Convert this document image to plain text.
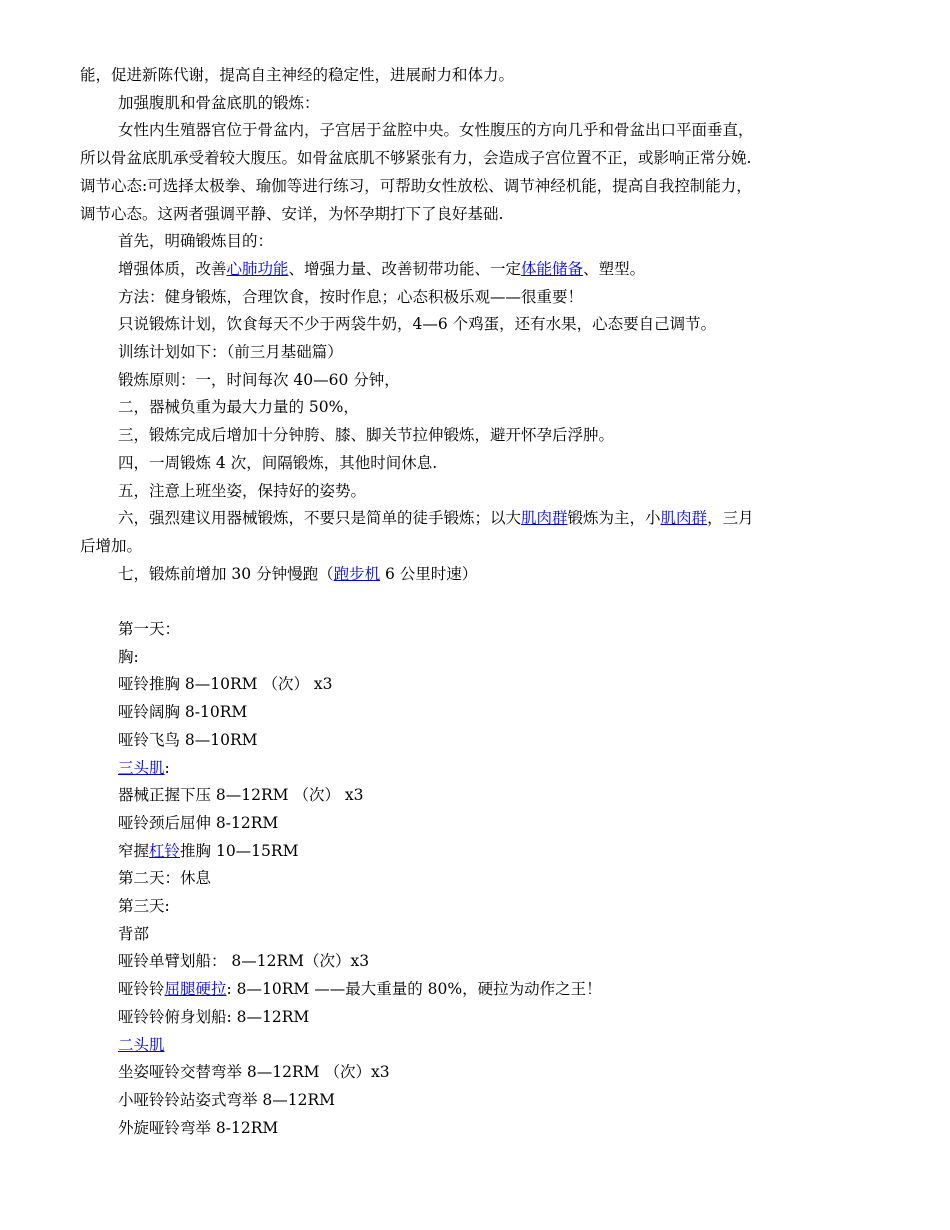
能，促进新陈代谢，提高自主神经的稳定性，进展耐力和体力。

加强腹肌和骨盆底肌的锻炼：

女性内生殖器官位于骨盆内，子宫居于盆腔中央。女性腹压的方向几乎和骨盆出口平面垂直，

所以骨盆底肌承受着较大腹压。如骨盆底肌不够紧张有力，会造成子宫位置不正，或影响正常分娩.

调节心态:可选择太极拳、瑜伽等进行练习，可帮助女性放松、调节神经机能，提高自我控制能力，

调节心态。这两者强调平静、安详，为怀孕期打下了良好基础.

首先，明确锻炼目的：

增强体质，改善心肺功能、增强力量、改善韧带功能、一定体能储备、塑型。

方法：健身锻炼，合理饮食，按时作息；心态积极乐观——很重要！

只说锻炼计划，饮食每天不少于两袋牛奶，4—6 个鸡蛋，还有水果，心态要自己调节。

训练计划如下：（前三月基础篇）

锻炼原则：一，时间每次 40—60 分钟，

二，器械负重为最大力量的 50%，

三，锻炼完成后增加十分钟胯、膝、脚关节拉伸锻炼，避开怀孕后浮肿。

四，一周锻炼 4 次，间隔锻炼，其他时间休息.

五，注意上班坐姿，保持好的姿势。

六，强烈建议用器械锻炼，不要只是简单的徒手锻炼；以大肌肉群锻炼为主，小肌肉群，三月

后增加。

七，锻炼前增加 30 分钟慢跑（跑步机 6 公里时速）

第一天：

胸:

哑铃推胸 8—10RM （次） x3

哑铃阔胸 8-10RM

哑铃飞鸟 8—10RM

三头肌:

器械正握下压 8—12RM （次） x3

哑铃颈后屈伸 8-12RM

窄握杠铃推胸 10—15RM

第二天：休息

第三天:

背部

哑铃单臂划船： 8—12RM（次）x3

哑铃铃屈腿硬拉: 8—10RM ——最大重量的 80%，硬拉为动作之王！

哑铃铃俯身划船: 8—12RM

二头肌

坐姿哑铃交替弯举 8—12RM （次）x3

小哑铃铃站姿式弯举 8—12RM

外旋哑铃弯举 8-12RM
